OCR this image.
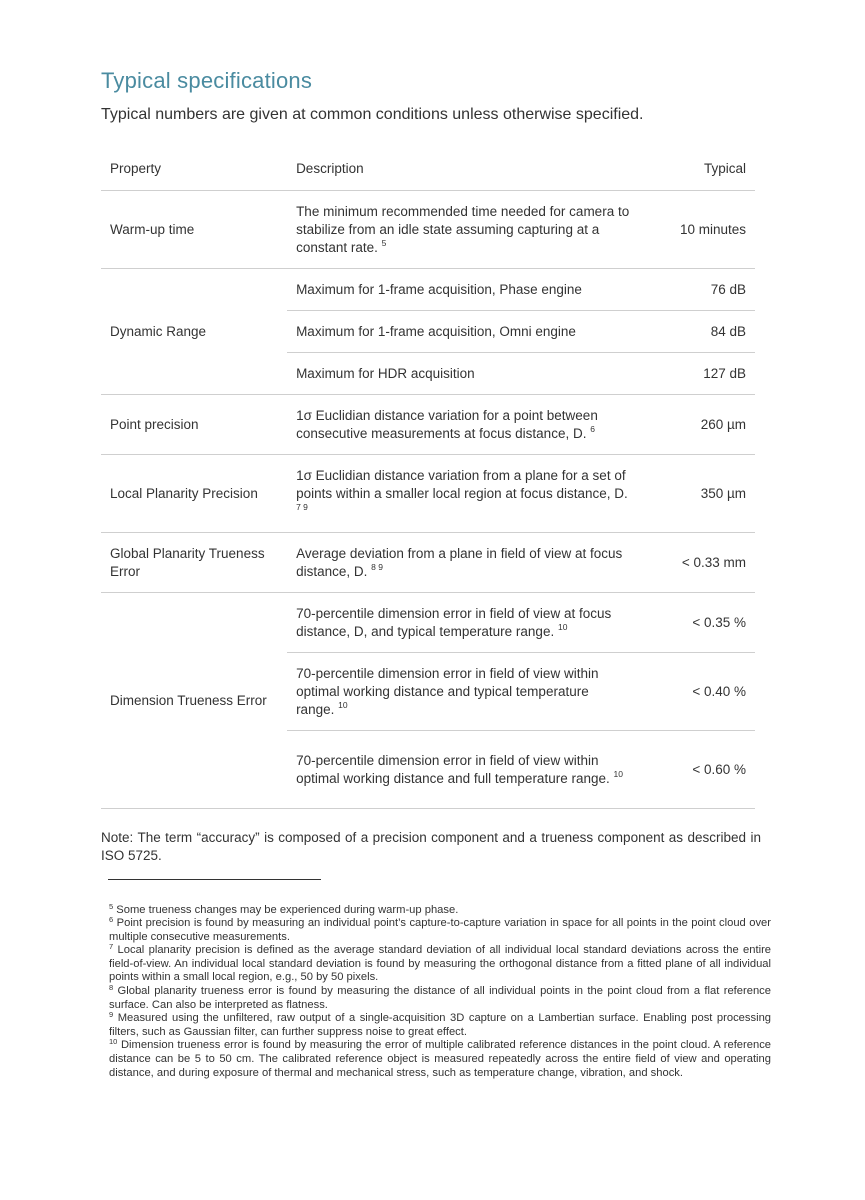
Typical specifications

Typical numbers are given at common conditions unless otherwise specified.

Property	Description	Typical
Warm-up time	The minimum recommended time needed for camera to stabilize from an idle state assuming capturing at a constant rate. $^5$	10 minutes
Dynamic Range	Maximum for 1-frame acquisition, Phase engine	76 dB
	Maximum for 1-frame acquisition, Omni engine	84 dB
	Maximum for HDR acquisition	127 dB
Point precision	1σ Euclidian distance variation for a point between consecutive measurements at focus distance, D. $^6$	260 µm
Local Planarity Precision	1σ Euclidian distance variation from a plane for a set of points within a smaller local region at focus distance, D. $^{7 9}$	350 µm
Global Planarity Trueness Error	Average deviation from a plane in field of view at focus distance, D. $^{8 9}$	< 0.33 mm
Dimension Trueness Error	70-percentile dimension error in field of view at focus distance, D, and typical temperature range. $^{10}$	< 0.35 %
	70-percentile dimension error in field of view within optimal working distance and typical temperature range. $^{10}$	< 0.40 %
	70-percentile dimension error in field of view within optimal working distance and full temperature range. $^{10}$	< 0.60 %

Note: The term “accuracy” is composed of a precision component and a trueness component as described in ISO 5725.

$^5$ Some trueness changes may be experienced during warm-up phase.

$^6$ Point precision is found by measuring an individual point’s capture-to-capture variation in space for all points in the point cloud over multiple consecutive measurements.

$^7$ Local planarity precision is defined as the average standard deviation of all individual local standard deviations across the entire field-of-view. An individual local standard deviation is found by measuring the orthogonal distance from a fitted plane of all individual points within a small local region, e.g., 50 by 50 pixels.

$^8$ Global planarity trueness error is found by measuring the distance of all individual points in the point cloud from a flat reference surface. Can also be interpreted as flatness.

$^9$ Measured using the unfiltered, raw output of a single-acquisition 3D capture on a Lambertian surface. Enabling post processing filters, such as Gaussian filter, can further suppress noise to great effect.

$^{10}$ Dimension trueness error is found by measuring the error of multiple calibrated reference distances in the point cloud. A reference distance can be 5 to 50 cm. The calibrated reference object is measured repeatedly across the entire field of view and operating distance, and during exposure of thermal and mechanical stress, such as temperature change, vibration, and shock.
